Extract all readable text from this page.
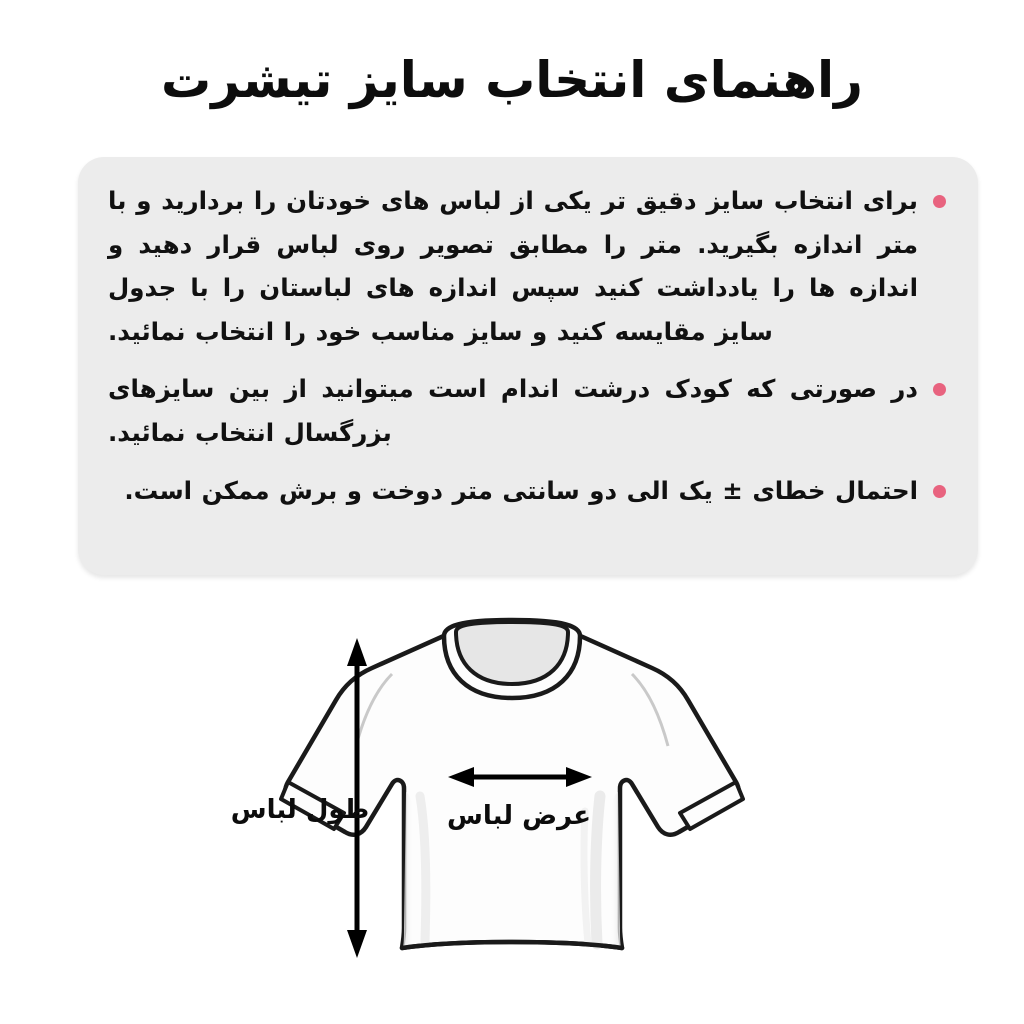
راهنمای انتخاب سایز تیشرت
برای انتخاب سایز دقیق تر یکی از لباس های خودتان را بردارید و با متر اندازه بگیرید. متر را مطابق تصویر روی لباس قرار دهید و اندازه ها را یادداشت کنید سپس اندازه های لباستان را با جدول سایز مقایسه کنید و سایز مناسب خود را انتخاب نمائید.
در صورتی که کودک درشت اندام است میتوانید از بین سایزهای بزرگسال انتخاب نمائید.
احتمال خطای ± یک الی دو سانتی متر دوخت و برش ممکن است.
طول لباس	عرض لباس
